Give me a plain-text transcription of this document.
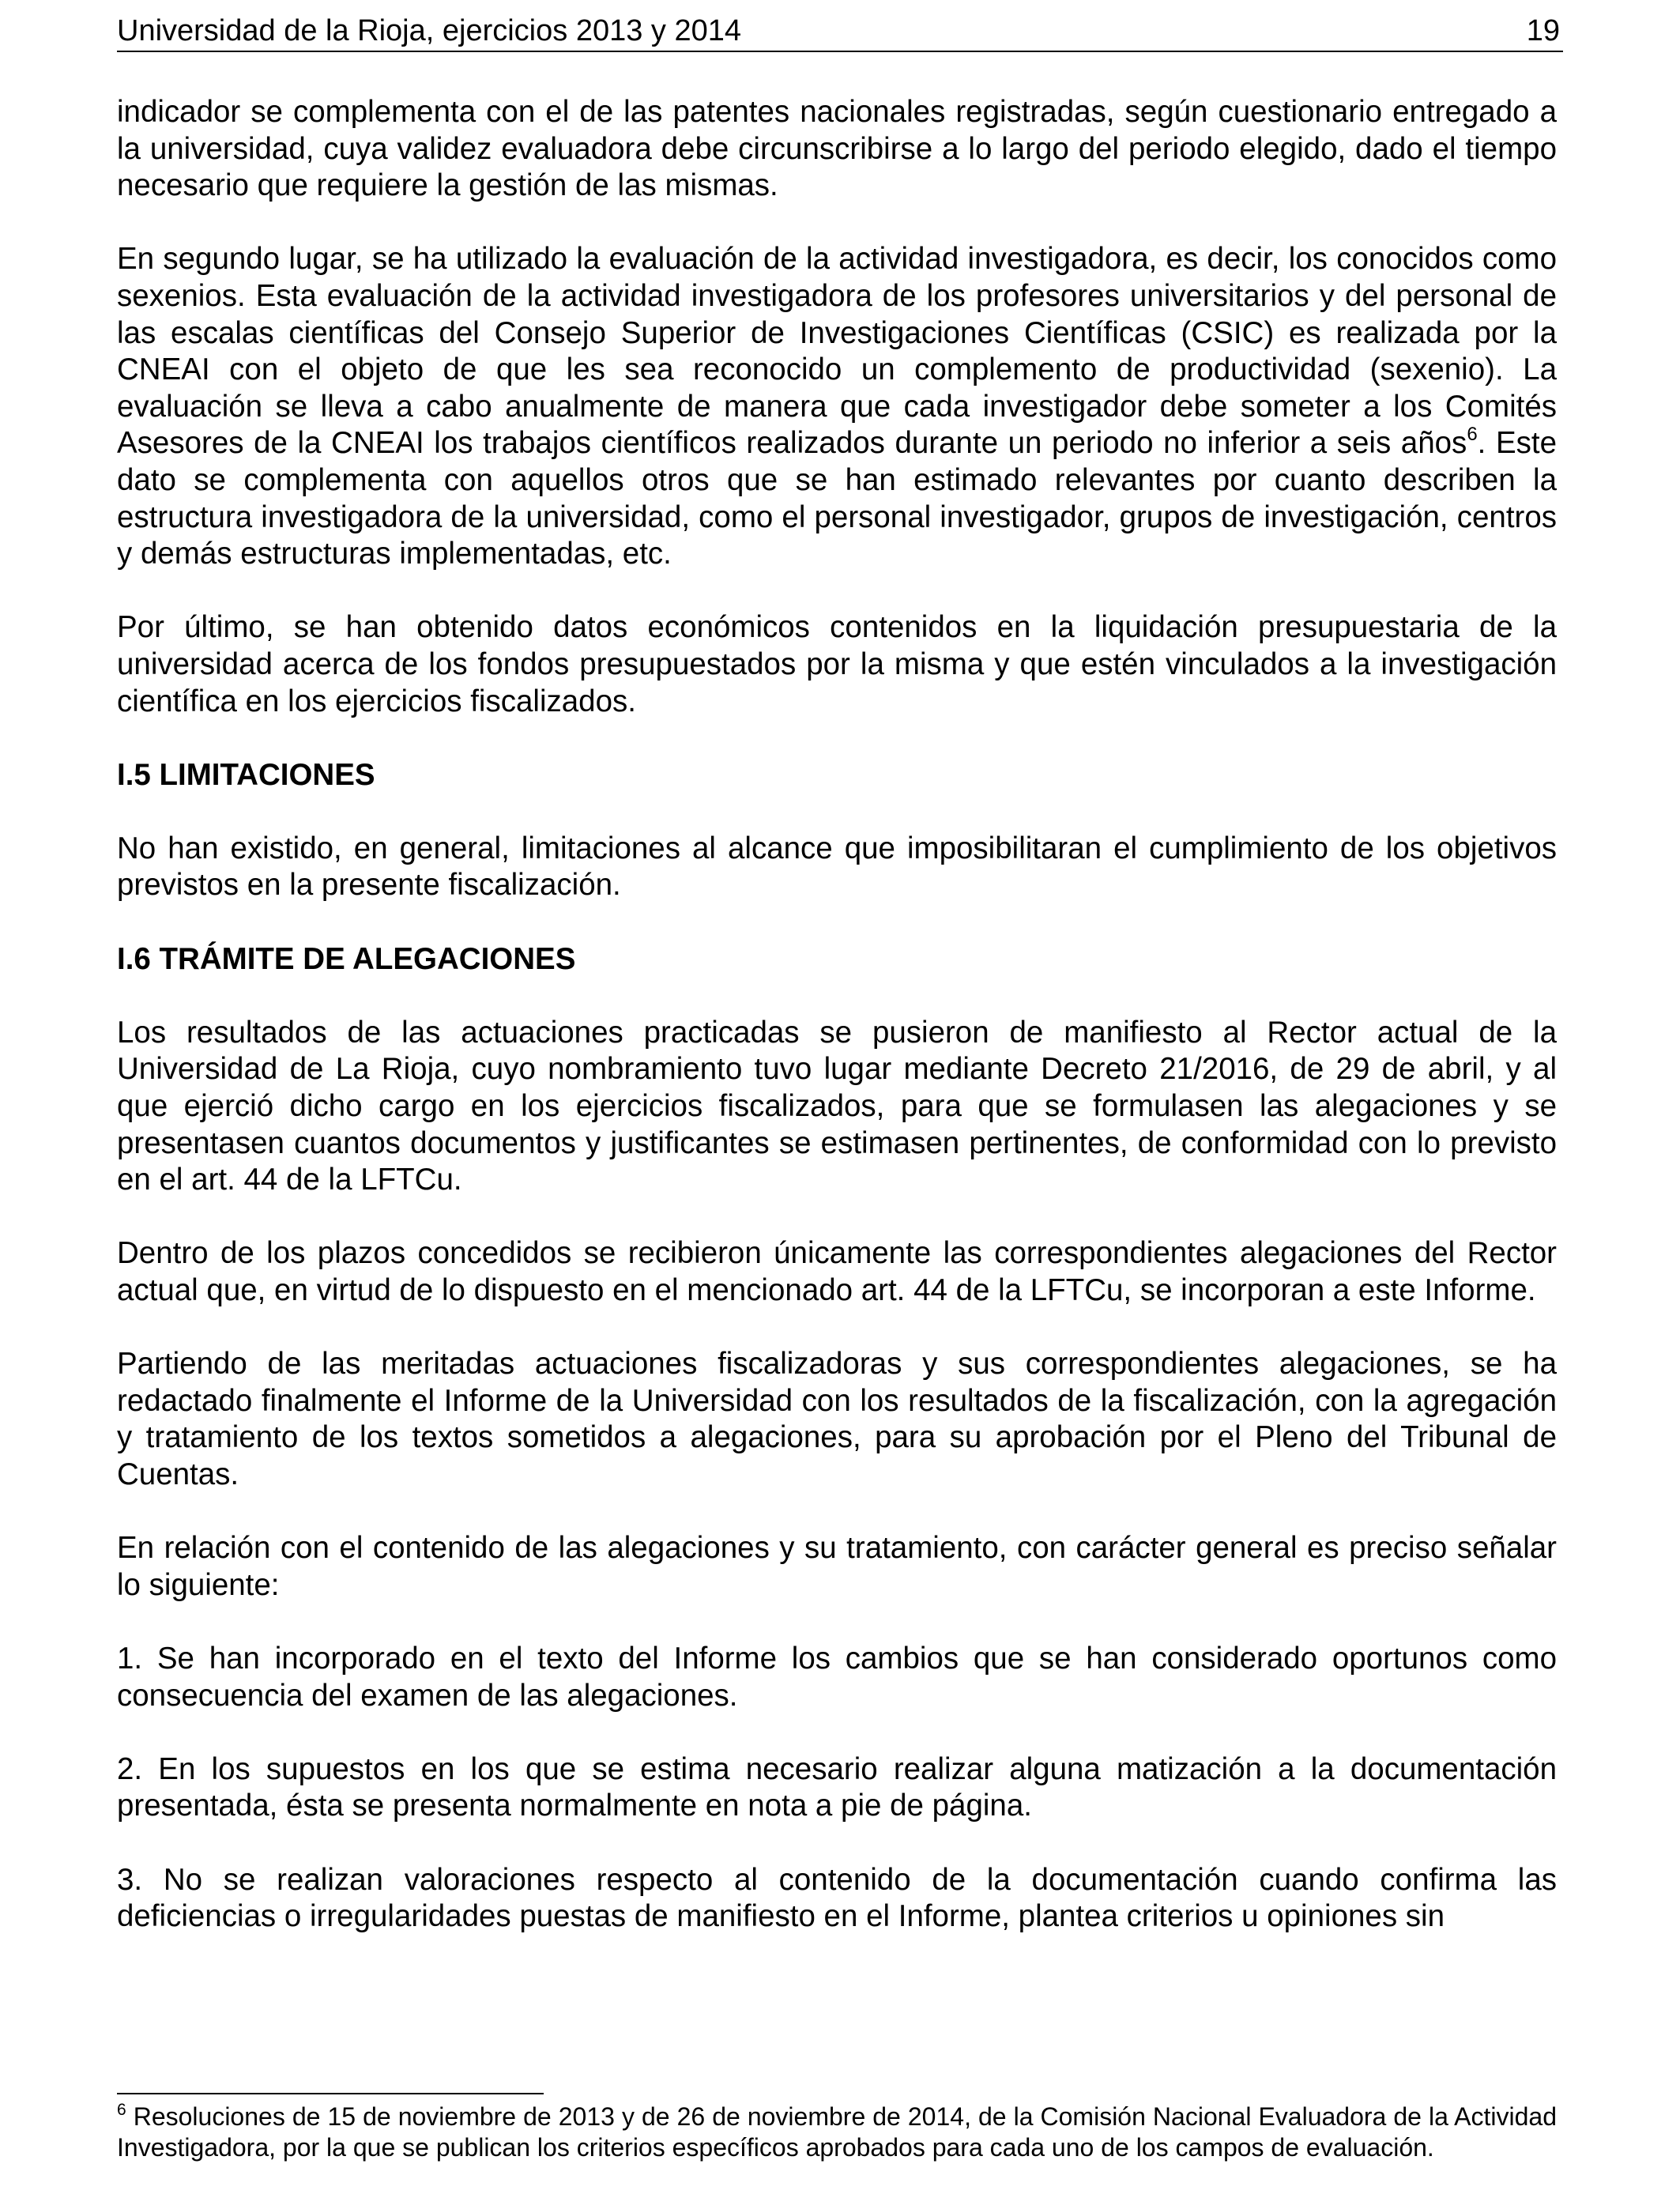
Universidad de la Rioja, ejercicios 2013 y 2014	19

indicador se complementa con el de las patentes nacionales registradas, según cuestionario entregado a la universidad, cuya validez evaluadora debe circunscribirse a lo largo del periodo elegido, dado el tiempo necesario que requiere la gestión de las mismas.

En segundo lugar, se ha utilizado la evaluación de la actividad investigadora, es decir, los conocidos como sexenios. Esta evaluación de la actividad investigadora de los profesores universitarios y del personal de las escalas científicas del Consejo Superior de Investigaciones Científicas (CSIC) es realizada por la CNEAI con el objeto de que les sea reconocido un complemento de productividad (sexenio). La evaluación se lleva a cabo anualmente de manera que cada investigador debe someter a los Comités Asesores de la CNEAI los trabajos científicos realizados durante un periodo no inferior a seis años$^6$. Este dato se complementa con aquellos otros que se han estimado relevantes por cuanto describen la estructura investigadora de la universidad, como el personal investigador, grupos de investigación, centros y demás estructuras implementadas, etc.

Por último, se han obtenido datos económicos contenidos en la liquidación presupuestaria de la universidad acerca de los fondos presupuestados por la misma y que estén vinculados a la investigación científica en los ejercicios fiscalizados.

I.5 LIMITACIONES

No han existido, en general, limitaciones al alcance que imposibilitaran el cumplimiento de los objetivos previstos en la presente fiscalización.

I.6 TRÁMITE DE ALEGACIONES

Los resultados de las actuaciones practicadas se pusieron de manifiesto al Rector actual de la Universidad de La Rioja, cuyo nombramiento tuvo lugar mediante Decreto 21/2016, de 29 de abril, y al que ejerció dicho cargo en los ejercicios fiscalizados, para que se formulasen las alegaciones y se presentasen cuantos documentos y justificantes se estimasen pertinentes, de conformidad con lo previsto en el art. 44 de la LFTCu.

Dentro de los plazos concedidos se recibieron únicamente las correspondientes alegaciones del Rector actual que, en virtud de lo dispuesto en el mencionado art. 44 de la LFTCu, se incorporan a este Informe.

Partiendo de las meritadas actuaciones fiscalizadoras y sus correspondientes alegaciones, se ha redactado finalmente el Informe de la Universidad con los resultados de la fiscalización, con la agregación y tratamiento de los textos sometidos a alegaciones, para su aprobación por el Pleno del Tribunal de Cuentas.

En relación con el contenido de las alegaciones y su tratamiento, con carácter general es preciso señalar lo siguiente:

1. Se han incorporado en el texto del Informe los cambios que se han considerado oportunos como consecuencia del examen de las alegaciones.

2. En los supuestos en los que se estima necesario realizar alguna matización a la documentación presentada, ésta se presenta normalmente en nota a pie de página.

3. No se realizan valoraciones respecto al contenido de la documentación cuando confirma las deficiencias o irregularidades puestas de manifiesto en el Informe, plantea criterios u opiniones sin

$^6$ Resoluciones de 15 de noviembre de 2013 y de 26 de noviembre de 2014, de la Comisión Nacional Evaluadora de la Actividad Investigadora, por la que se publican los criterios específicos aprobados para cada uno de los campos de evaluación.
